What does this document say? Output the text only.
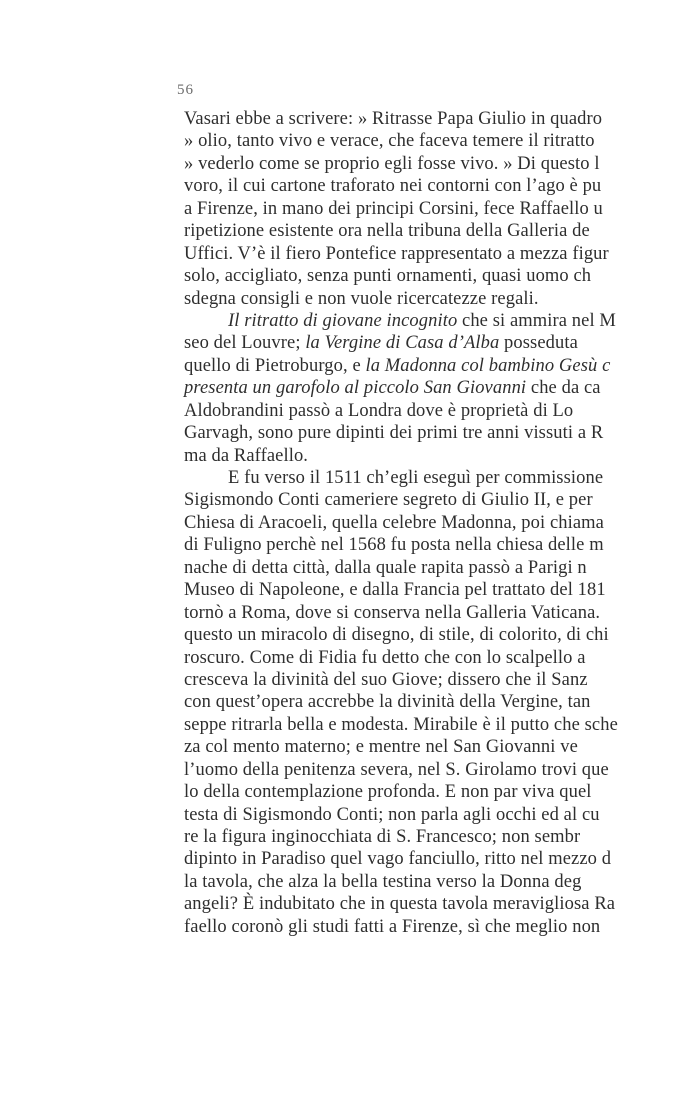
56
Vasari ebbe a scrivere: » Ritrasse Papa Giulio in quadro
» olio, tanto vivo e verace, che faceva temere il ritratto
» vederlo come se proprio egli fosse vivo. » Di questo l
voro, il cui cartone traforato nei contorni con l’ago è pu
a Firenze, in mano dei principi Corsini, fece Raffaello u
ripetizione esistente ora nella tribuna della Galleria de
Uffici. V’è il fiero Pontefice rappresentato a mezza figur
solo, accigliato, senza punti ornamenti, quasi uomo ch
sdegna consigli e non vuole ricercatezze regali.
Il ritratto di giovane incognito che si ammira nel M
seo del Louvre; la Vergine di Casa d’Alba posseduta
quello di Pietroburgo, e la Madonna col bambino Gesù c
presenta un garofolo al piccolo San Giovanni che da ca
Aldobrandini passò a Londra dove è proprietà di Lo
Garvagh, sono pure dipinti dei primi tre anni vissuti a R
ma da Raffaello.
E fu verso il 1511 ch’egli eseguì per commissione
Sigismondo Conti cameriere segreto di Giulio II, e per
Chiesa di Aracoeli, quella celebre Madonna, poi chiama
di Fuligno perchè nel 1568 fu posta nella chiesa delle m
nache di detta città, dalla quale rapita passò a Parigi n
Museo di Napoleone, e dalla Francia pel trattato del 181
tornò a Roma, dove si conserva nella Galleria Vaticana.
questo un miracolo di disegno, di stile, di colorito, di chi
roscuro. Come di Fidia fu detto che con lo scalpello a
cresceva la divinità del suo Giove; dissero che il Sanz
con quest’opera accrebbe la divinità della Vergine, tan
seppe ritrarla bella e modesta. Mirabile è il putto che sche
za col mento materno; e mentre nel San Giovanni ve
l’uomo della penitenza severa, nel S. Girolamo trovi que
lo della contemplazione profonda. E non par viva quel
testa di Sigismondo Conti; non parla agli occhi ed al cu
re la figura inginocchiata di S. Francesco; non sembr
dipinto in Paradiso quel vago fanciullo, ritto nel mezzo d
la tavola, che alza la bella testina verso la Donna deg
angeli? È indubitato che in questa tavola meravigliosa Ra
faello coronò gli studi fatti a Firenze, sì che meglio non
